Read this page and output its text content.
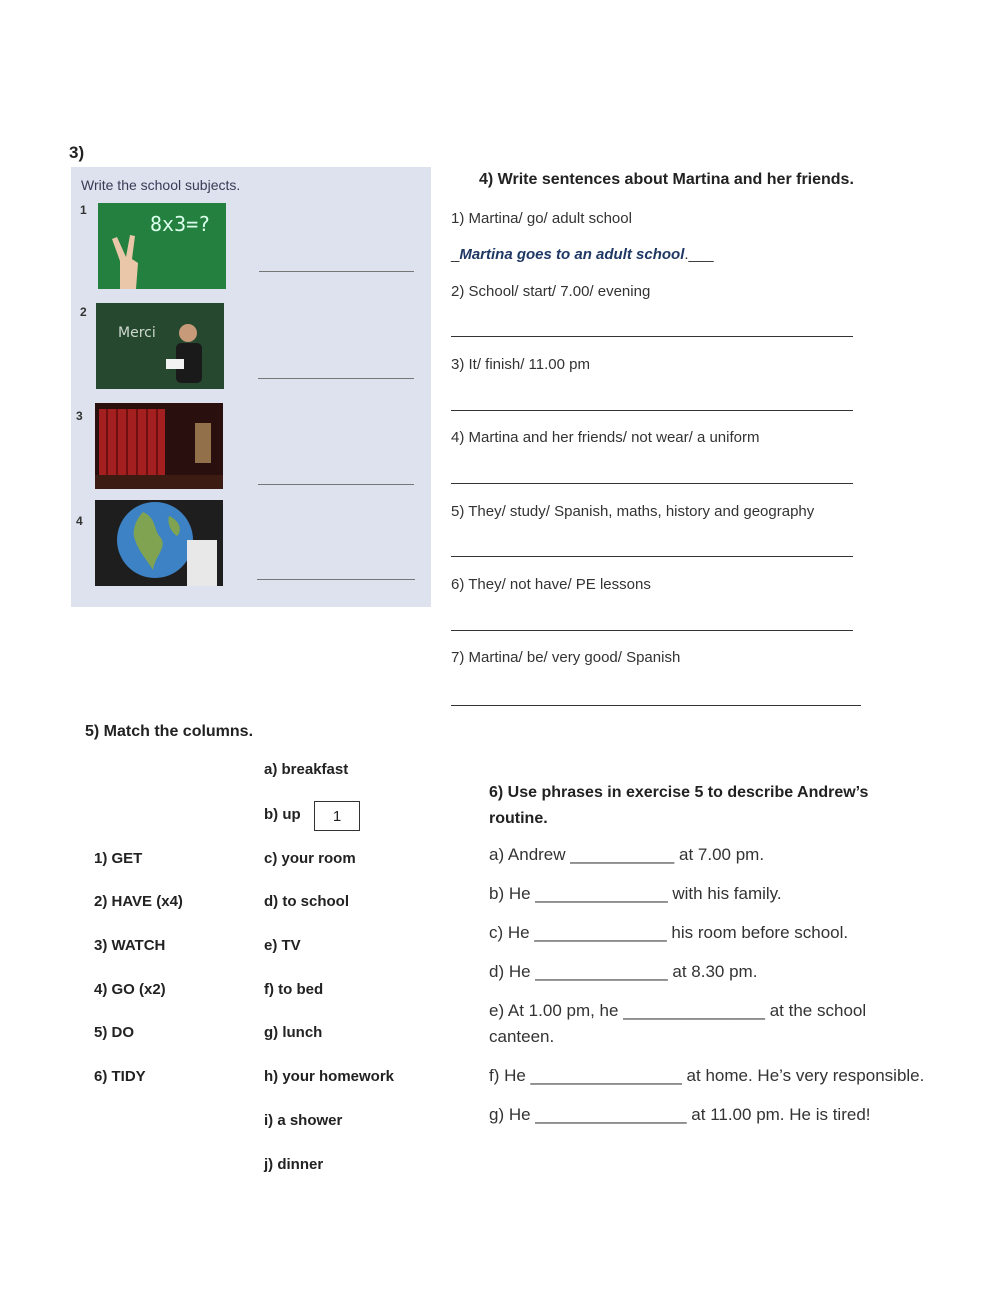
3)
Write the school subjects.
1
8x3=?
2
Merci
3
4
4) Write sentences about Martina and her friends.
1) Martina/ go/ adult school
_Martina goes to an adult school.___
2) School/ start/ 7.00/ evening
3) It/ finish/ 11.00 pm
4) Martina and her friends/ not wear/ a uniform
5) They/ study/ Spanish, maths, history and geography
6) They/ not have/ PE lessons
7) Martina/ be/ very good/ Spanish
5) Match the columns.
a) breakfast
b) up	1
1) GET	c) your room
2) HAVE (x4)	d) to school
3) WATCH	e) TV
4) GO (x2)	f) to bed
5) DO	g) lunch
6) TIDY	h) your homework
i) a shower
j) dinner
6) Use phrases in exercise 5 to describe Andrew’s routine.
a) Andrew ___________ at 7.00 pm.
b) He ______________ with his family.
c) He ______________ his room before school.
d) He ______________ at 8.30 pm.
e) At 1.00 pm, he _______________ at the school canteen.
f) He ________________ at home. He’s very responsible.
g) He ________________ at 11.00 pm. He is tired!
